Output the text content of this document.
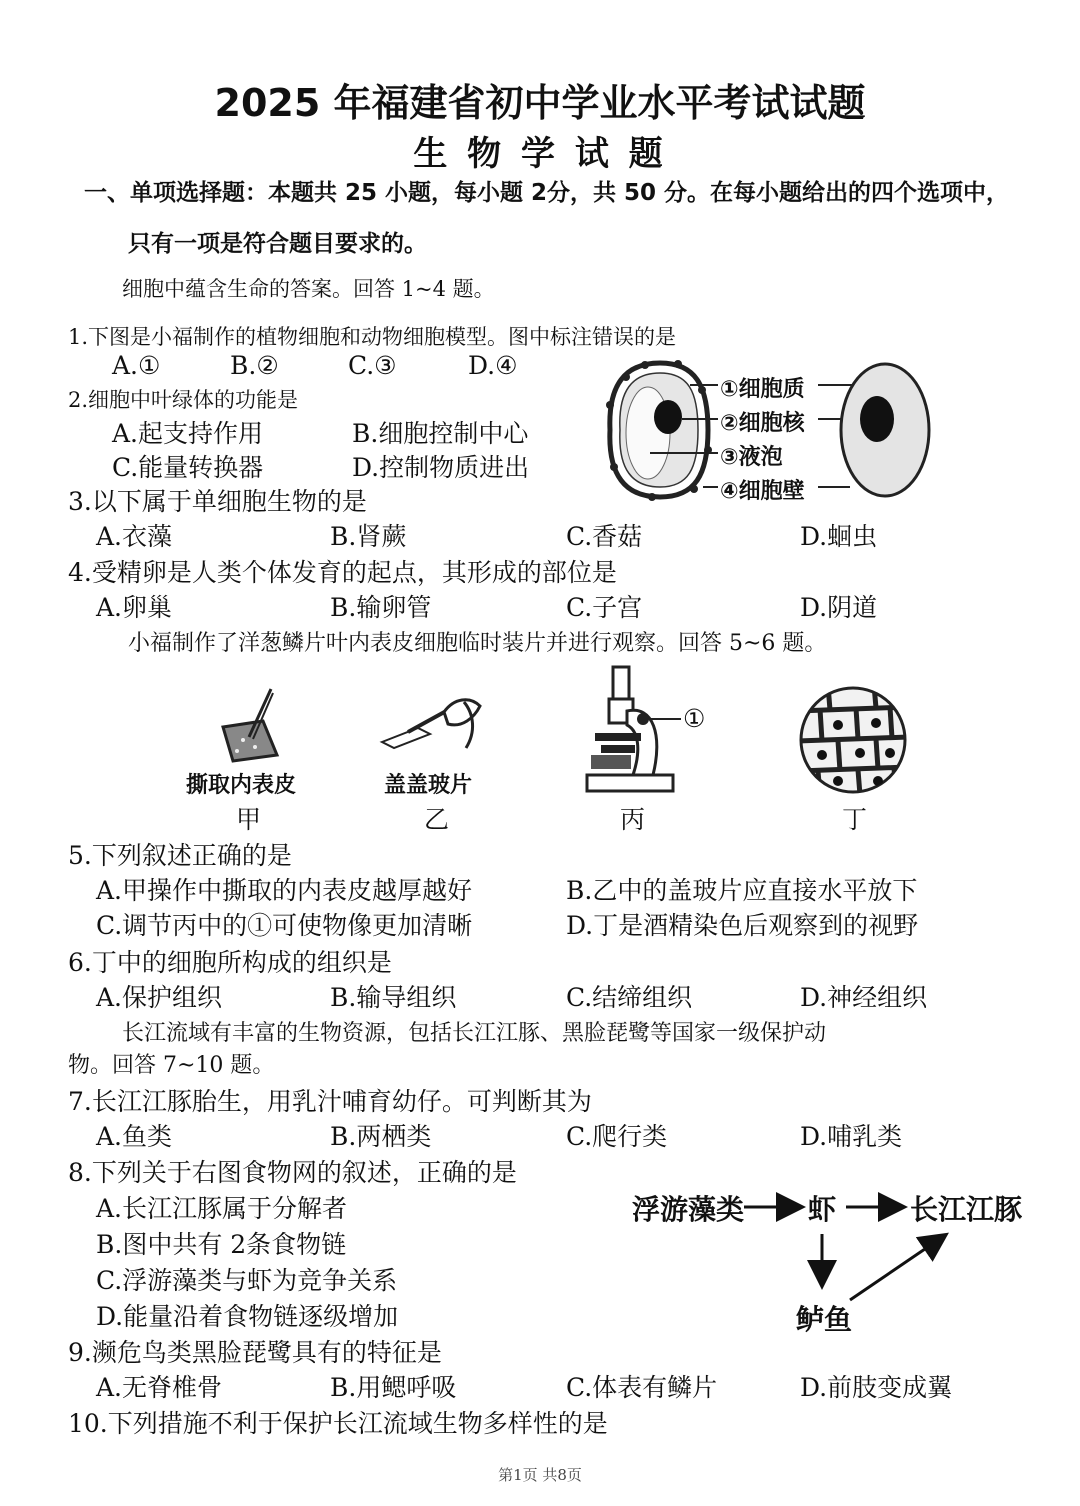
2025 年福建省初中学业水平考试试题
生 物 学 试 题
一、单项选择题：本题共 25 小题，每小题 2分，共 50 分。在每小题给出的四个选项中，
只有一项是符合题目要求的。
细胞中蕴含生命的答案。回答 1~4 题。
1.下图是小福制作的植物细胞和动物细胞模型。图中标注错误的是
A.①	B.②	C.③	D.④
2.细胞中叶绿体的功能是
A.起支持作用	B.细胞控制中心
C.能量转换器	D.控制物质进出
①细胞质
②细胞核
③液泡
④细胞壁
3.以下属于单细胞生物的是
A.衣藻	B.肾蕨	C.香菇	D.蛔虫
4.受精卵是人类个体发育的起点，其形成的部位是
A.卵巢	B.输卵管	C.子宫	D.阴道
小福制作了洋葱鳞片叶内表皮细胞临时装片并进行观察。回答 5~6 题。
撕取内表皮
甲
盖盖玻片
乙
①
丙	丁
5.下列叙述正确的是
A.甲操作中撕取的内表皮越厚越好	B.乙中的盖玻片应直接水平放下
C.调节丙中的①可使物像更加清晰	D.丁是酒精染色后观察到的视野
6.丁中的细胞所构成的组织是
A.保护组织	B.输导组织	C.结缔组织	D.神经组织
长江流域有丰富的生物资源，包括长江江豚、黑脸琵鹭等国家一级保护动
物。回答 7~10 题。
7.长江江豚胎生，用乳汁哺育幼仔。可判断其为
A.鱼类	B.两栖类	C.爬行类	D.哺乳类
8.下列关于右图食物网的叙述，正确的是
A.长江江豚属于分解者
B.图中共有 2条食物链
C.浮游藻类与虾为竞争关系
D.能量沿着食物链逐级增加
浮游藻类 虾	长江江豚
鲈鱼
9.濒危鸟类黑脸琵鹭具有的特征是
A.无脊椎骨	B.用鳃呼吸	C.体表有鳞片	D.前肢变成翼
10.下列措施不利于保护长江流域生物多样性的是
第1页 共8页
